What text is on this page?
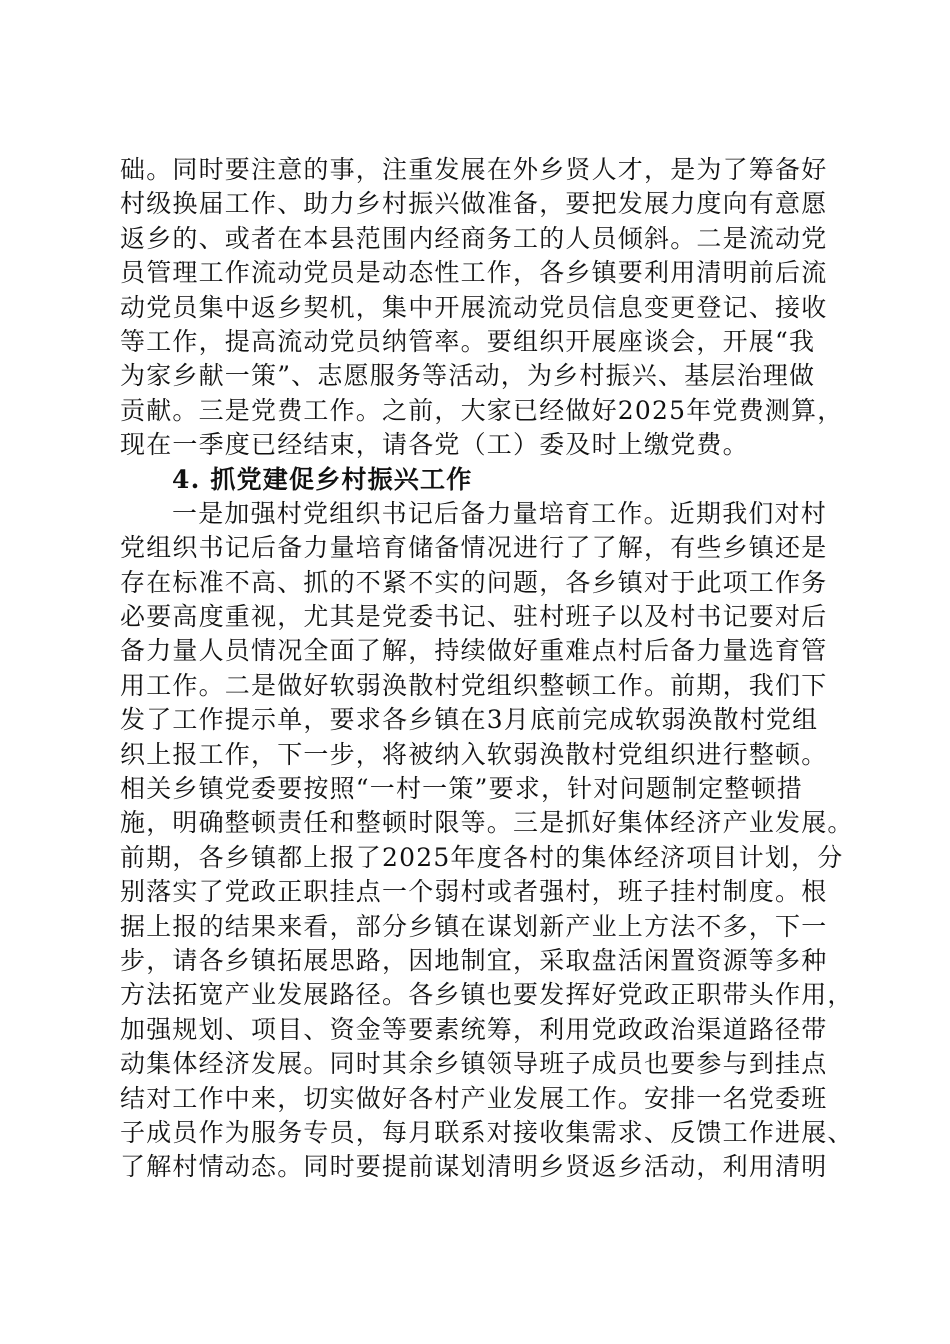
础。同时要注意的事，注重发展在外乡贤人才，是为了筹备好
村级换届工作、助力乡村振兴做准备，要把发展力度向有意愿
返乡的、或者在本县范围内经商务工的人员倾斜。二是流动党
员管理工作流动党员是动态性工作，各乡镇要利用清明前后流
动党员集中返乡契机，集中开展流动党员信息变更登记、接收
等工作，提高流动党员纳管率。要组织开展座谈会，开展“我
为家乡献一策”、志愿服务等活动，为乡村振兴、基层治理做
贡献。三是党费工作。之前，大家已经做好2025年党费测算，
现在一季度已经结束，请各党（工）委及时上缴党费。
4. 抓党建促乡村振兴工作
一是加强村党组织书记后备力量培育工作。近期我们对村
党组织书记后备力量培育储备情况进行了了解，有些乡镇还是
存在标准不高、抓的不紧不实的问题，各乡镇对于此项工作务
必要高度重视，尤其是党委书记、驻村班子以及村书记要对后
备力量人员情况全面了解，持续做好重难点村后备力量选育管
用工作。二是做好软弱涣散村党组织整顿工作。前期，我们下
发了工作提示单，要求各乡镇在3月底前完成软弱涣散村党组
织上报工作，下一步，将被纳入软弱涣散村党组织进行整顿。
相关乡镇党委要按照“一村一策”要求，针对问题制定整顿措
施，明确整顿责任和整顿时限等。三是抓好集体经济产业发展。
前期，各乡镇都上报了2025年度各村的集体经济项目计划，分
别落实了党政正职挂点一个弱村或者强村，班子挂村制度。根
据上报的结果来看，部分乡镇在谋划新产业上方法不多，下一
步，请各乡镇拓展思路，因地制宜，采取盘活闲置资源等多种
方法拓宽产业发展路径。各乡镇也要发挥好党政正职带头作用，
加强规划、项目、资金等要素统筹，利用党政政治渠道路径带
动集体经济发展。同时其余乡镇领导班子成员也要参与到挂点
结对工作中来，切实做好各村产业发展工作。安排一名党委班
子成员作为服务专员，每月联系对接收集需求、反馈工作进展、
了解村情动态。同时要提前谋划清明乡贤返乡活动，利用清明
